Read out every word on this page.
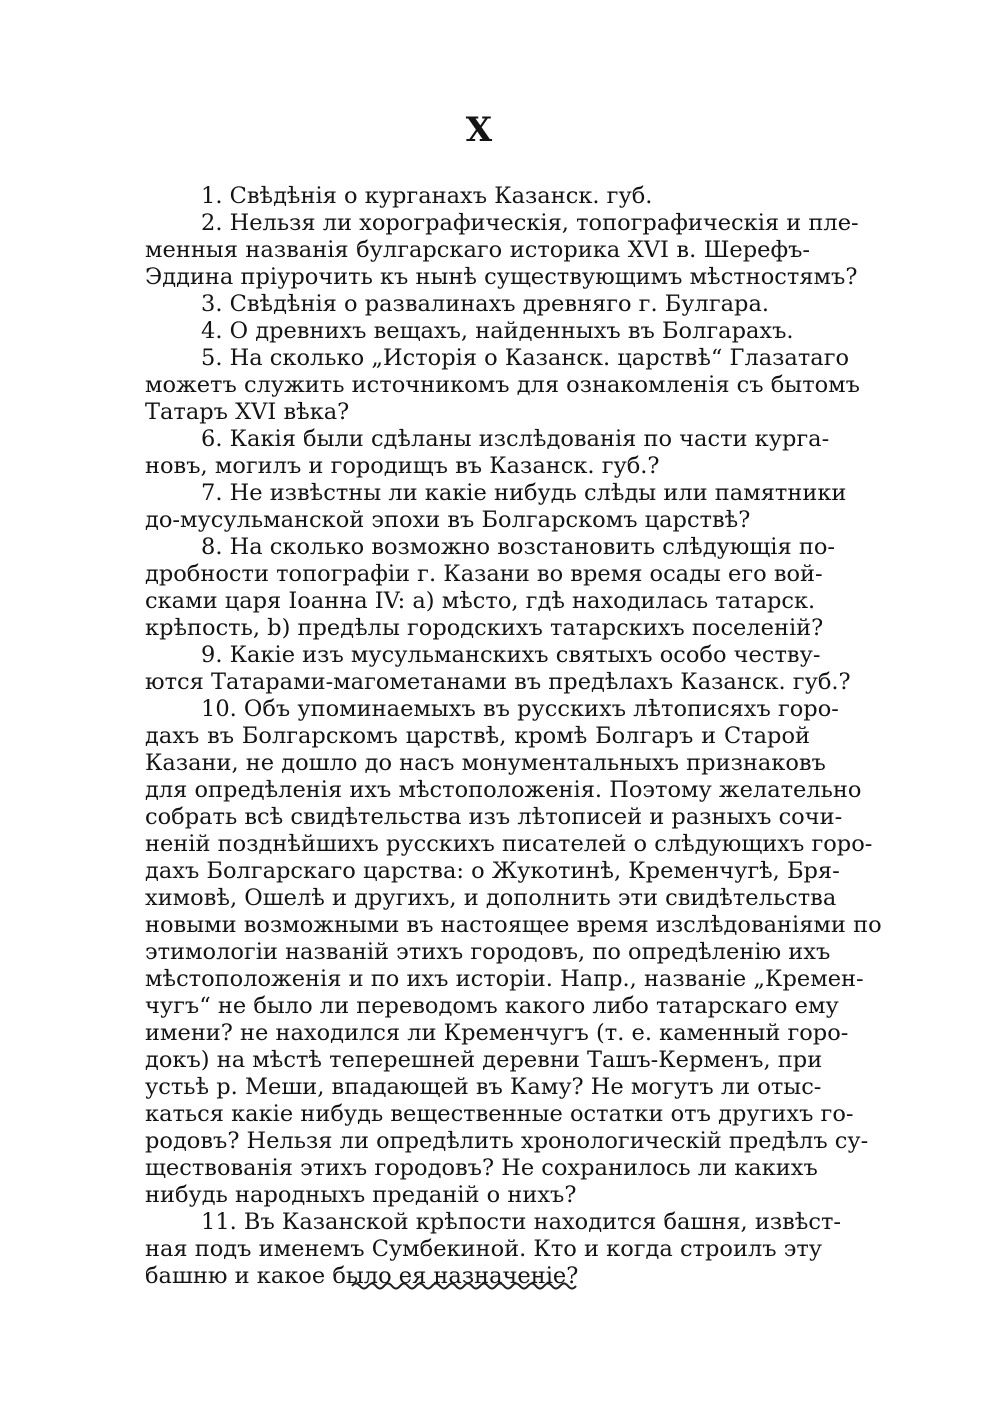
X
1. Свѣдѣнія о курганахъ Казанск. губ.
2. Нельзя ли хорографическія, топографическія и пле-
менныя названія булгарскаго историка XVI в. Шерефъ-
Эддина пріурочить къ нынѣ существующимъ мѣстностямъ?
3. Свѣдѣнія о развалинахъ древняго г. Булгара.
4. О древнихъ вещахъ, найденныхъ въ Болгарахъ.
5. На сколько „Исторія о Казанск. царствѣ“ Глазатаго
можетъ служить источникомъ для ознакомленія съ бытомъ
Татаръ XVI вѣка?
6. Какія были сдѣланы изслѣдованія по части курга-
новъ, могилъ и городищъ въ Казанск. губ.?
7. Не извѣстны ли какіе нибудь слѣды или памятники
до-мусульманской эпохи въ Болгарскомъ царствѣ?
8. На сколько возможно возстановить слѣдующія по-
дробности топографіи г. Казани во время осады его вой-
сками царя Іоанна IV: а) мѣсто, гдѣ находилась татарск.
крѣпость, b) предѣлы городскихъ татарскихъ поселеній?
9. Какіе изъ мусульманскихъ святыхъ особо честву-
ются Татарами-магометанами въ предѣлахъ Казанск. губ.?
10. Объ упоминаемыхъ въ русскихъ лѣтописяхъ горо-
дахъ въ Болгарскомъ царствѣ, кромѣ Болгаръ и Старой
Казани, не дошло до насъ монументальныхъ признаковъ
для опредѣленія ихъ мѣстоположенія. Поэтому желательно
собрать всѣ свидѣтельства изъ лѣтописей и разныхъ сочи-
неній позднѣйшихъ русскихъ писателей о слѣдующихъ горо-
дахъ Болгарскаго царства: о Жукотинѣ, Кременчугѣ, Бря-
химовѣ, Ошелѣ и другихъ, и дополнить эти свидѣтельства
новыми возможными въ настоящее время изслѣдованіями по
этимологіи названій этихъ городовъ, по опредѣленію ихъ
мѣстоположенія и по ихъ исторіи. Напр., названіе „Кремен-
чугъ“ не было ли переводомъ какого либо татарскаго ему
имени? не находился ли Кременчугъ (т. е. каменный горо-
докъ) на мѣстѣ теперешней деревни Ташъ-Керменъ, при
устьѣ р. Меши, впадающей въ Каму? Не могутъ ли отыс-
каться какіе нибудь вещественные остатки отъ другихъ го-
родовъ? Нельзя ли опредѣлить хронологическій предѣлъ су-
ществованія этихъ городовъ? Не сохранилось ли какихъ
нибудь народныхъ преданій о нихъ?
11. Въ Казанской крѣпости находится башня, извѣст-
ная подъ именемъ Сумбекиной. Кто и когда строилъ эту
башню и какое было ея назначеніе?
